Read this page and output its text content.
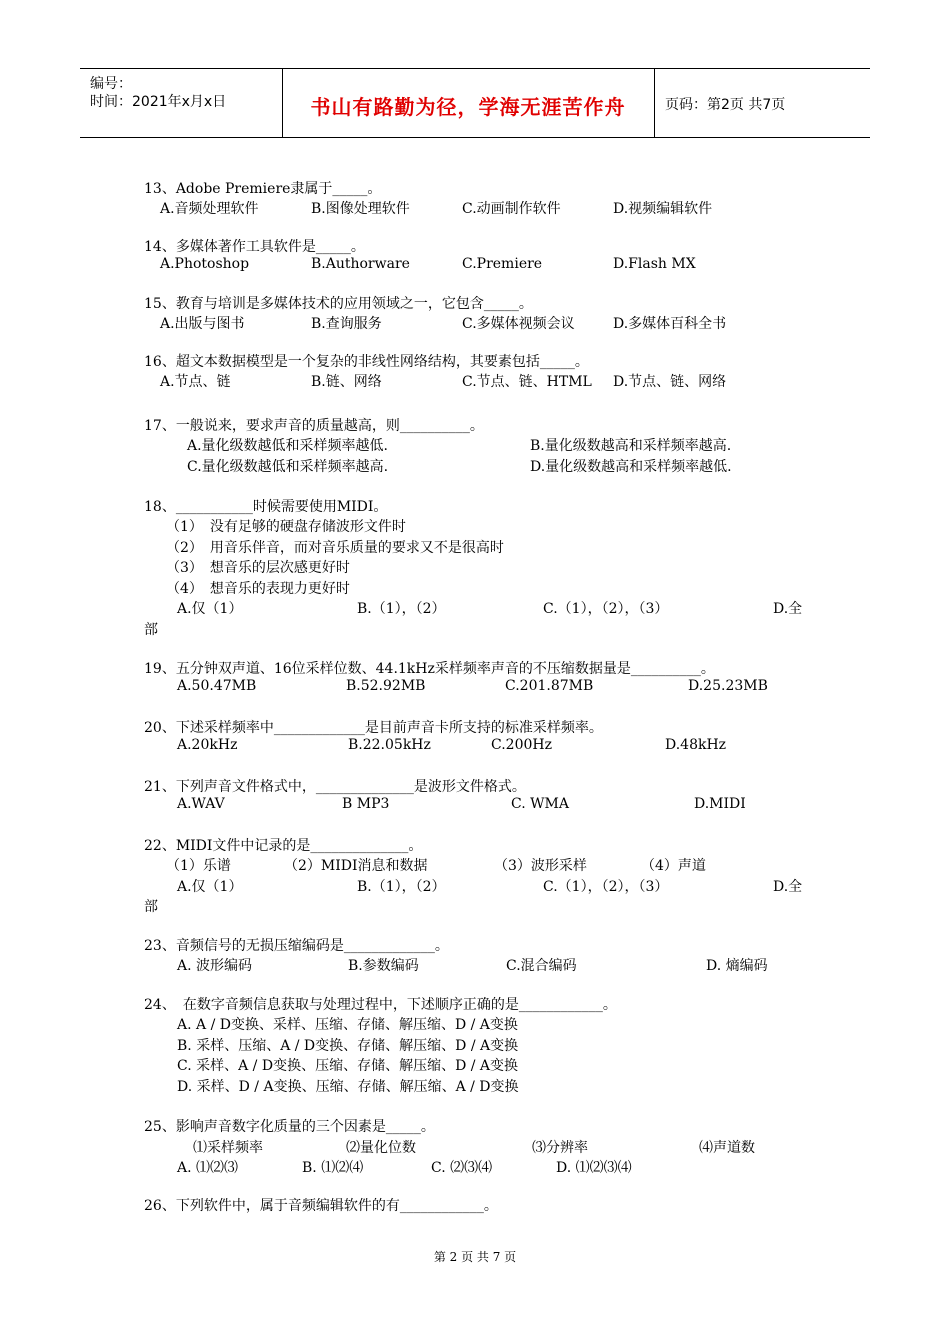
编号：
时间：2021年x月x日	书山有路勤为径，学海无涯苦作舟	页码：第2页 共7页
13、Adobe Premiere隶属于_____。
A.音频处理软件	B.图像处理软件	C.动画制作软件	D.视频编辑软件
14、多媒体著作工具软件是_____。
A.Photoshop	B.Authorware	C.Premiere	D.Flash MX
15、教育与培训是多媒体技术的应用领域之一，它包含_____。
A.出版与图书	B.查询服务	C.多媒体视频会议	D.多媒体百科全书
16、超文本数据模型是一个复杂的非线性网络结构，其要素包括_____。
A.节点、链	B.链、网络	C.节点、链、HTML D.节点、链、网络
17、一般说来，要求声音的质量越高，则__________。
A.量化级数越低和采样频率越低.	B.量化级数越高和采样频率越高.
C.量化级数越低和采样频率越高.	D.量化级数越高和采样频率越低.
18、___________时候需要使用MIDI。
（1）　没有足够的硬盘存储波形文件时
（2）　用音乐伴音，而对音乐质量的要求又不是很高时
（3）　想音乐的层次感更好时
（4）　想音乐的表现力更好时
A.仅（1）	B.（1），（2）	C.（1），（2），（3）	D.全
部
19、五分钟双声道、16位采样位数、44.1kHz采样频率声音的不压缩数据量是__________。
A.50.47MB	B.52.92MB	C.201.87MB	D.25.23MB
20、下述采样频率中_____________是目前声音卡所支持的标准采样频率。
A.20kHz	B.22.05kHz	C.200Hz	D.48kHz
21、下列声音文件格式中，______________是波形文件格式。
A.WAV	B MP3	C. WMA	D.MIDI
22、MIDI文件中记录的是______________。
（1）乐谱	（2）MIDI消息和数据	（3）波形采样	（4）声道
A.仅（1）	B.（1），（2）	C.（1），（2），（3）	D.全
部
23、音频信号的无损压缩编码是_____________。
A. 波形编码	B.参数编码	C.混合编码	D. 熵编码
24、　在数字音频信息获取与处理过程中，下述顺序正确的是____________。
A. A / D变换、采样、压缩、存储、解压缩、D / A变换
B. 采样、压缩、A / D变换、存储、解压缩、D / A变换
C. 采样、A / D变换、压缩、存储、解压缩、D / A变换
D. 采样、D / A变换、压缩、存储、解压缩、A / D变换
25、影响声音数字化质量的三个因素是_____。
⑴采样频率	⑵量化位数	⑶分辨率	⑷声道数
A. ⑴⑵⑶	B. ⑴⑵⑷	C. ⑵⑶⑷	D. ⑴⑵⑶⑷
26、下列软件中，属于音频编辑软件的有____________。
第 2 页 共 7 页
